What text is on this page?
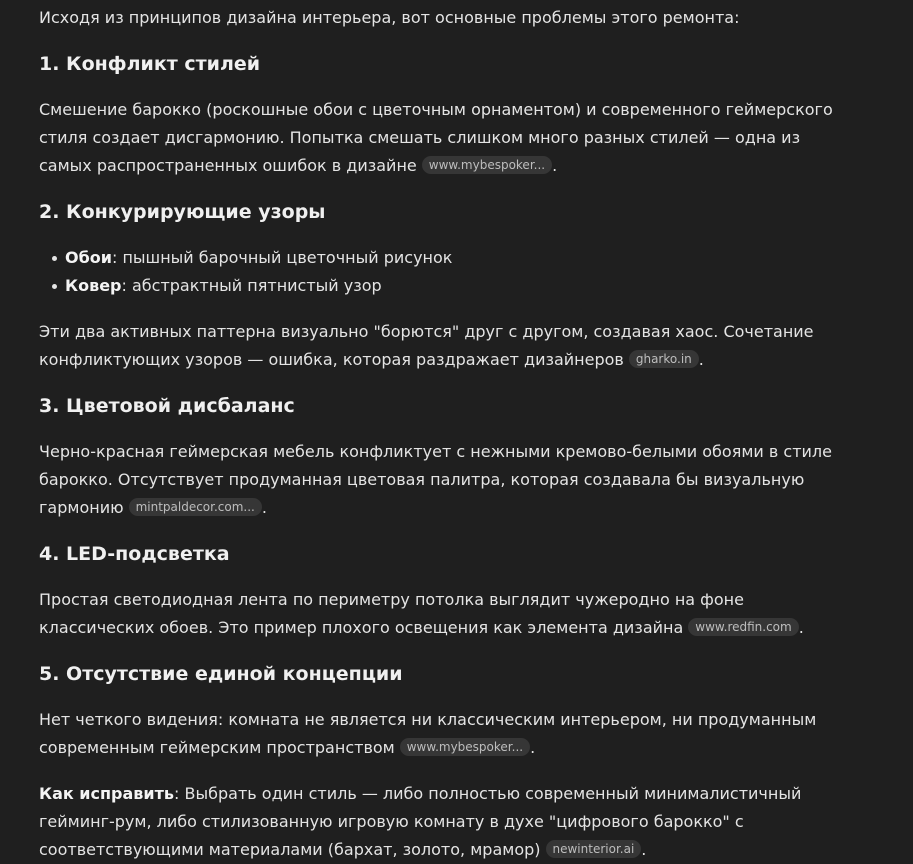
Исходя из принципов дизайна интерьера, вот основные проблемы этого ремонта:

1. Конфликт стилей

Смешение барокко (роскошные обои с цветочным орнаментом) и современного геймерского стиля создает дисгармонию. Попытка смешать слишком много разных стилей — одна из самых распространенных ошибок в дизайне www.mybespoker... .

2. Конкурирующие узоры
Обои: пышный барочный цветочный рисунок
Ковер: абстрактный пятнистый узор

Эти два активных паттерна визуально "борются" друг с другом, создавая хаос. Сочетание конфликтующих узоров — ошибка, которая раздражает дизайнеров gharko.in .

3. Цветовой дисбаланс

Черно-красная геймерская мебель конфликтует с нежными кремово-белыми обоями в стиле барокко. Отсутствует продуманная цветовая палитра, которая создавала бы визуальную гармонию mintpaldecor.com... .

4. LED-подсветка

Простая светодиодная лента по периметру потолка выглядит чужеродно на фоне классических обоев. Это пример плохого освещения как элемента дизайна www.redfin.com .

5. Отсутствие единой концепции

Нет четкого видения: комната не является ни классическим интерьером, ни продуманным современным геймерским пространством www.mybespoker... .

Как исправить: Выбрать один стиль — либо полностью современный минималистичный гейминг-рум, либо стилизованную игровую комнату в духе "цифрового барокко" с соответствующими материалами (бархат, золото, мрамор) newinterior.ai .
